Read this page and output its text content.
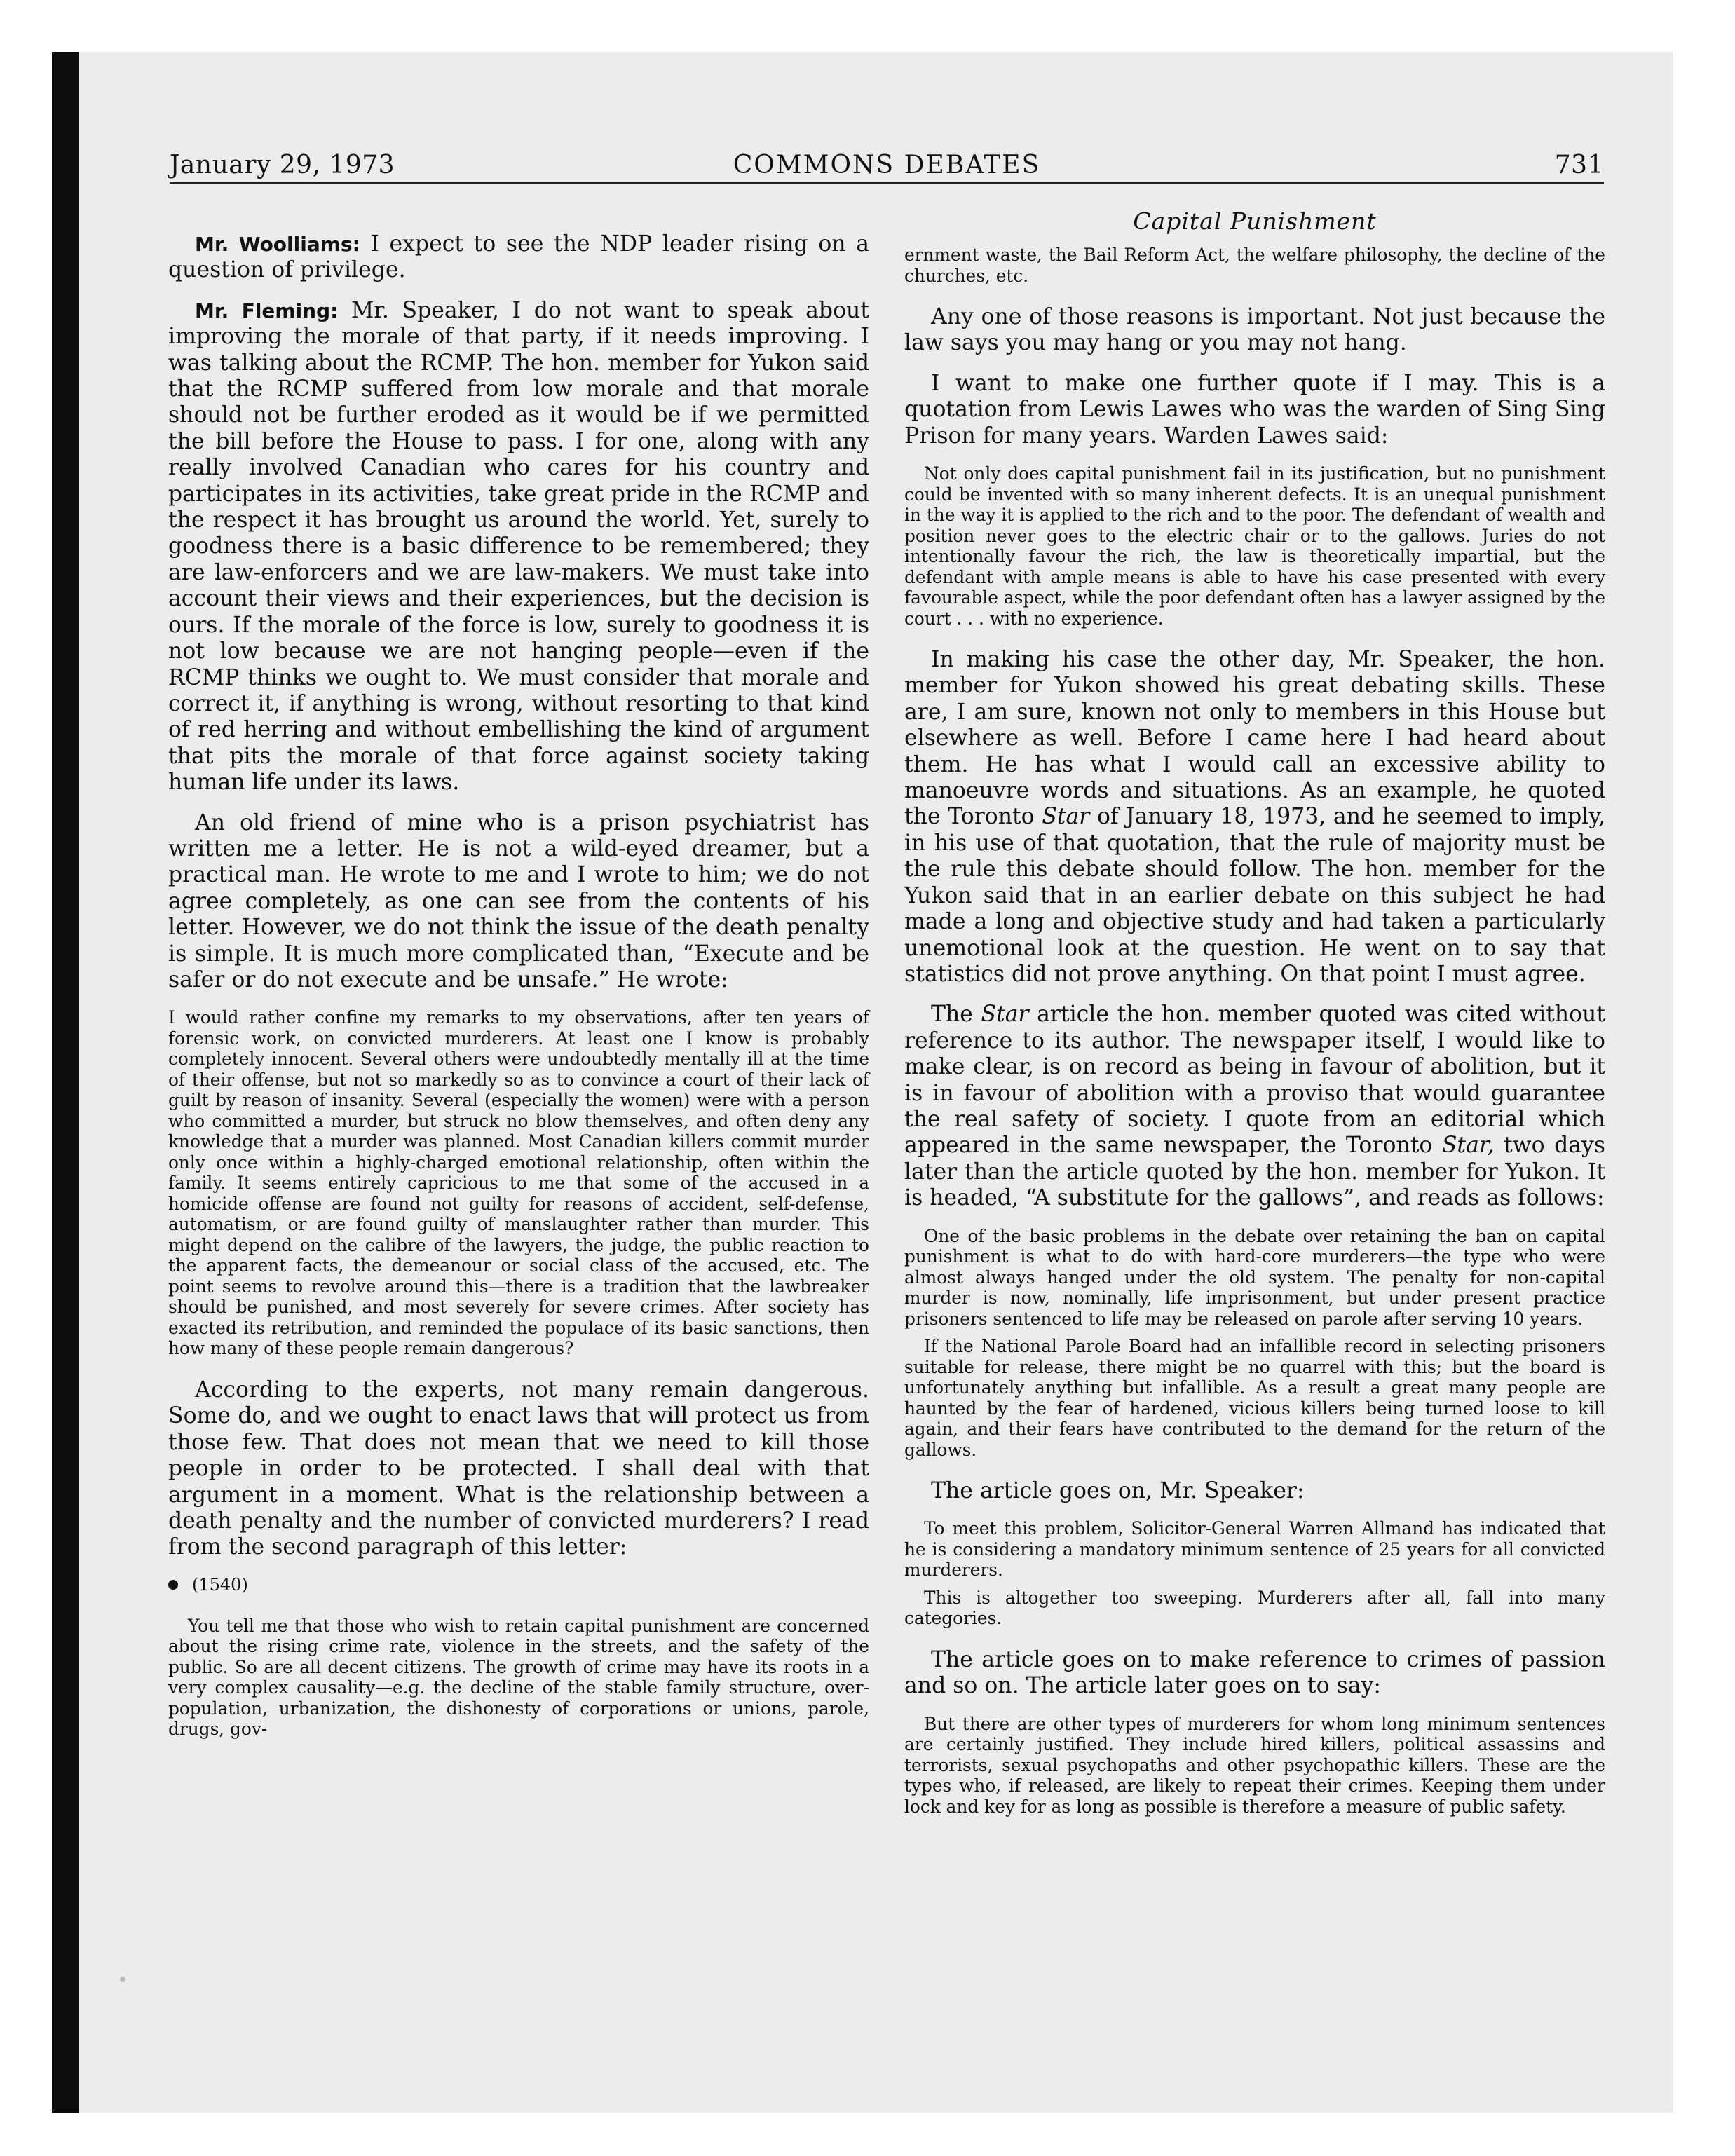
January 29, 1973	COMMONS DEBATES	731

Mr. Woolliams: I expect to see the NDP leader rising on a question of privilege.

Mr. Fleming: Mr. Speaker, I do not want to speak about improving the morale of that party, if it needs improving. I was talking about the RCMP. The hon. member for Yukon said that the RCMP suffered from low morale and that morale should not be further eroded as it would be if we permitted the bill before the House to pass. I for one, along with any really involved Canadian who cares for his country and participates in its activities, take great pride in the RCMP and the respect it has brought us around the world. Yet, surely to goodness there is a basic difference to be remembered; they are law-enforcers and we are law-makers. We must take into account their views and their experiences, but the decision is ours. If the morale of the force is low, surely to goodness it is not low because we are not hanging people—even if the RCMP thinks we ought to. We must consider that morale and correct it, if anything is wrong, without resorting to that kind of red herring and without embellishing the kind of argument that pits the morale of that force against society taking human life under its laws.

An old friend of mine who is a prison psychiatrist has written me a letter. He is not a wild-eyed dreamer, but a practical man. He wrote to me and I wrote to him; we do not agree completely, as one can see from the contents of his letter. However, we do not think the issue of the death penalty is simple. It is much more complicated than, “Execute and be safer or do not execute and be unsafe.” He wrote:

I would rather confine my remarks to my observations, after ten years of forensic work, on convicted murderers. At least one I know is probably completely innocent. Several others were undoubtedly mentally ill at the time of their offense, but not so markedly so as to convince a court of their lack of guilt by reason of insanity. Several (especially the women) were with a person who committed a murder, but struck no blow themselves, and often deny any knowledge that a murder was planned. Most Canadian killers commit murder only once within a highly-charged emotional relationship, often within the family. It seems entirely capricious to me that some of the accused in a homicide offense are found not guilty for reasons of accident, self-defense, automatism, or are found guilty of manslaughter rather than murder. This might depend on the calibre of the lawyers, the judge, the public reaction to the apparent facts, the demeanour or social class of the accused, etc. The point seems to revolve around this—there is a tradition that the lawbreaker should be punished, and most severely for severe crimes. After society has exacted its retribution, and reminded the populace of its basic sanctions, then how many of these people remain dangerous?

According to the experts, not many remain dangerous. Some do, and we ought to enact laws that will protect us from those few. That does not mean that we need to kill those people in order to be protected. I shall deal with that argument in a moment. What is the relationship between a death penalty and the number of convicted murderers? I read from the second paragraph of this letter:

(1540)

You tell me that those who wish to retain capital punishment are concerned about the rising crime rate, violence in the streets, and the safety of the public. So are all decent citizens. The growth of crime may have its roots in a very complex causality—e.g. the decline of the stable family structure, over-population, urbanization, the dishonesty of corporations or unions, parole, drugs, gov-

Capital Punishment

ernment waste, the Bail Reform Act, the welfare philosophy, the decline of the churches, etc.

Any one of those reasons is important. Not just because the law says you may hang or you may not hang.

I want to make one further quote if I may. This is a quotation from Lewis Lawes who was the warden of Sing Sing Prison for many years. Warden Lawes said:

Not only does capital punishment fail in its justification, but no punishment could be invented with so many inherent defects. It is an unequal punishment in the way it is applied to the rich and to the poor. The defendant of wealth and position never goes to the electric chair or to the gallows. Juries do not intentionally favour the rich, the law is theoretically impartial, but the defendant with ample means is able to have his case presented with every favourable aspect, while the poor defendant often has a lawyer assigned by the court . . . with no experience.

In making his case the other day, Mr. Speaker, the hon. member for Yukon showed his great debating skills. These are, I am sure, known not only to members in this House but elsewhere as well. Before I came here I had heard about them. He has what I would call an excessive ability to manoeuvre words and situations. As an example, he quoted the Toronto Star of January 18, 1973, and he seemed to imply, in his use of that quotation, that the rule of majority must be the rule this debate should follow. The hon. member for the Yukon said that in an earlier debate on this subject he had made a long and objective study and had taken a particularly unemotional look at the question. He went on to say that statistics did not prove anything. On that point I must agree.

The Star article the hon. member quoted was cited without reference to its author. The newspaper itself, I would like to make clear, is on record as being in favour of abolition, but it is in favour of abolition with a proviso that would guarantee the real safety of society. I quote from an editorial which appeared in the same newspaper, the Toronto Star, two days later than the article quoted by the hon. member for Yukon. It is headed, “A substitute for the gallows”, and reads as follows:

One of the basic problems in the debate over retaining the ban on capital punishment is what to do with hard-core murderers—the type who were almost always hanged under the old system. The penalty for non-capital murder is now, nominally, life imprisonment, but under present practice prisoners sentenced to life may be released on parole after serving 10 years.

If the National Parole Board had an infallible record in selecting prisoners suitable for release, there might be no quarrel with this; but the board is unfortunately anything but infallible. As a result a great many people are haunted by the fear of hardened, vicious killers being turned loose to kill again, and their fears have contributed to the demand for the return of the gallows.

The article goes on, Mr. Speaker:

To meet this problem, Solicitor-General Warren Allmand has indicated that he is considering a mandatory minimum sentence of 25 years for all convicted murderers.

This is altogether too sweeping. Murderers after all, fall into many categories.

The article goes on to make reference to crimes of passion and so on. The article later goes on to say:

But there are other types of murderers for whom long minimum sentences are certainly justified. They include hired killers, political assassins and terrorists, sexual psychopaths and other psychopathic killers. These are the types who, if released, are likely to repeat their crimes. Keeping them under lock and key for as long as possible is therefore a measure of public safety.
